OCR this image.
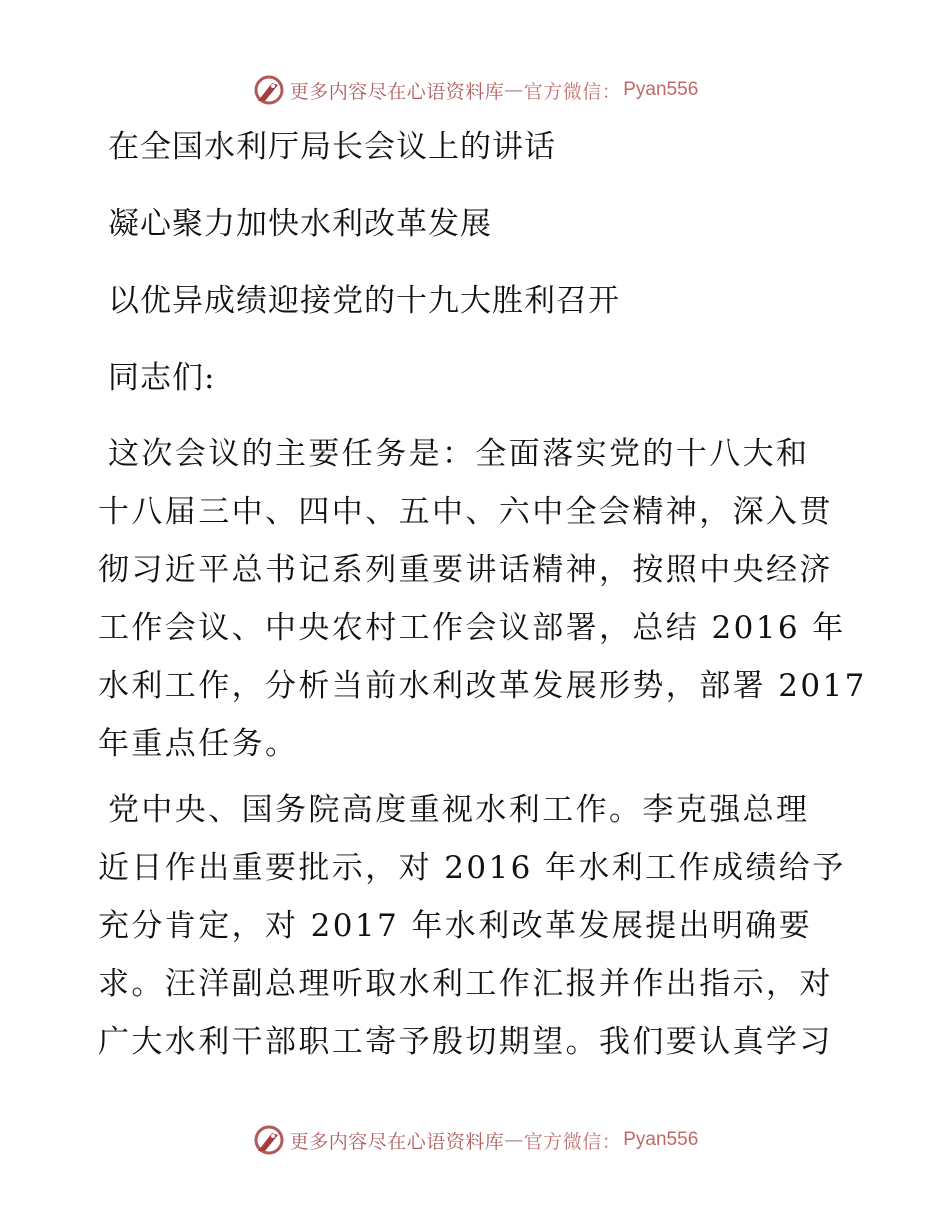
更多内容尽在心语资料库 — 官方微信： Pyan556
在全国水利厅局长会议上的讲话
凝心聚力加快水利改革发展
以优异成绩迎接党的十九大胜利召开
同志们:
这次会议的主要任务是：全面落实党的十八大和
十八届三中、四中、五中、六中全会精神，深入贯
彻习近平总书记系列重要讲话精神，按照中央经济
工作会议、中央农村工作会议部署，总结 2016 年
水利工作，分析当前水利改革发展形势，部署 2017
年重点任务。
党中央、国务院高度重视水利工作。李克强总理
近日作出重要批示，对 2016 年水利工作成绩给予
充分肯定，对 2017 年水利改革发展提出明确要
求。汪洋副总理听取水利工作汇报并作出指示，对
广大水利干部职工寄予殷切期望。我们要认真学习
更多内容尽在心语资料库 — 官方微信： Pyan556
